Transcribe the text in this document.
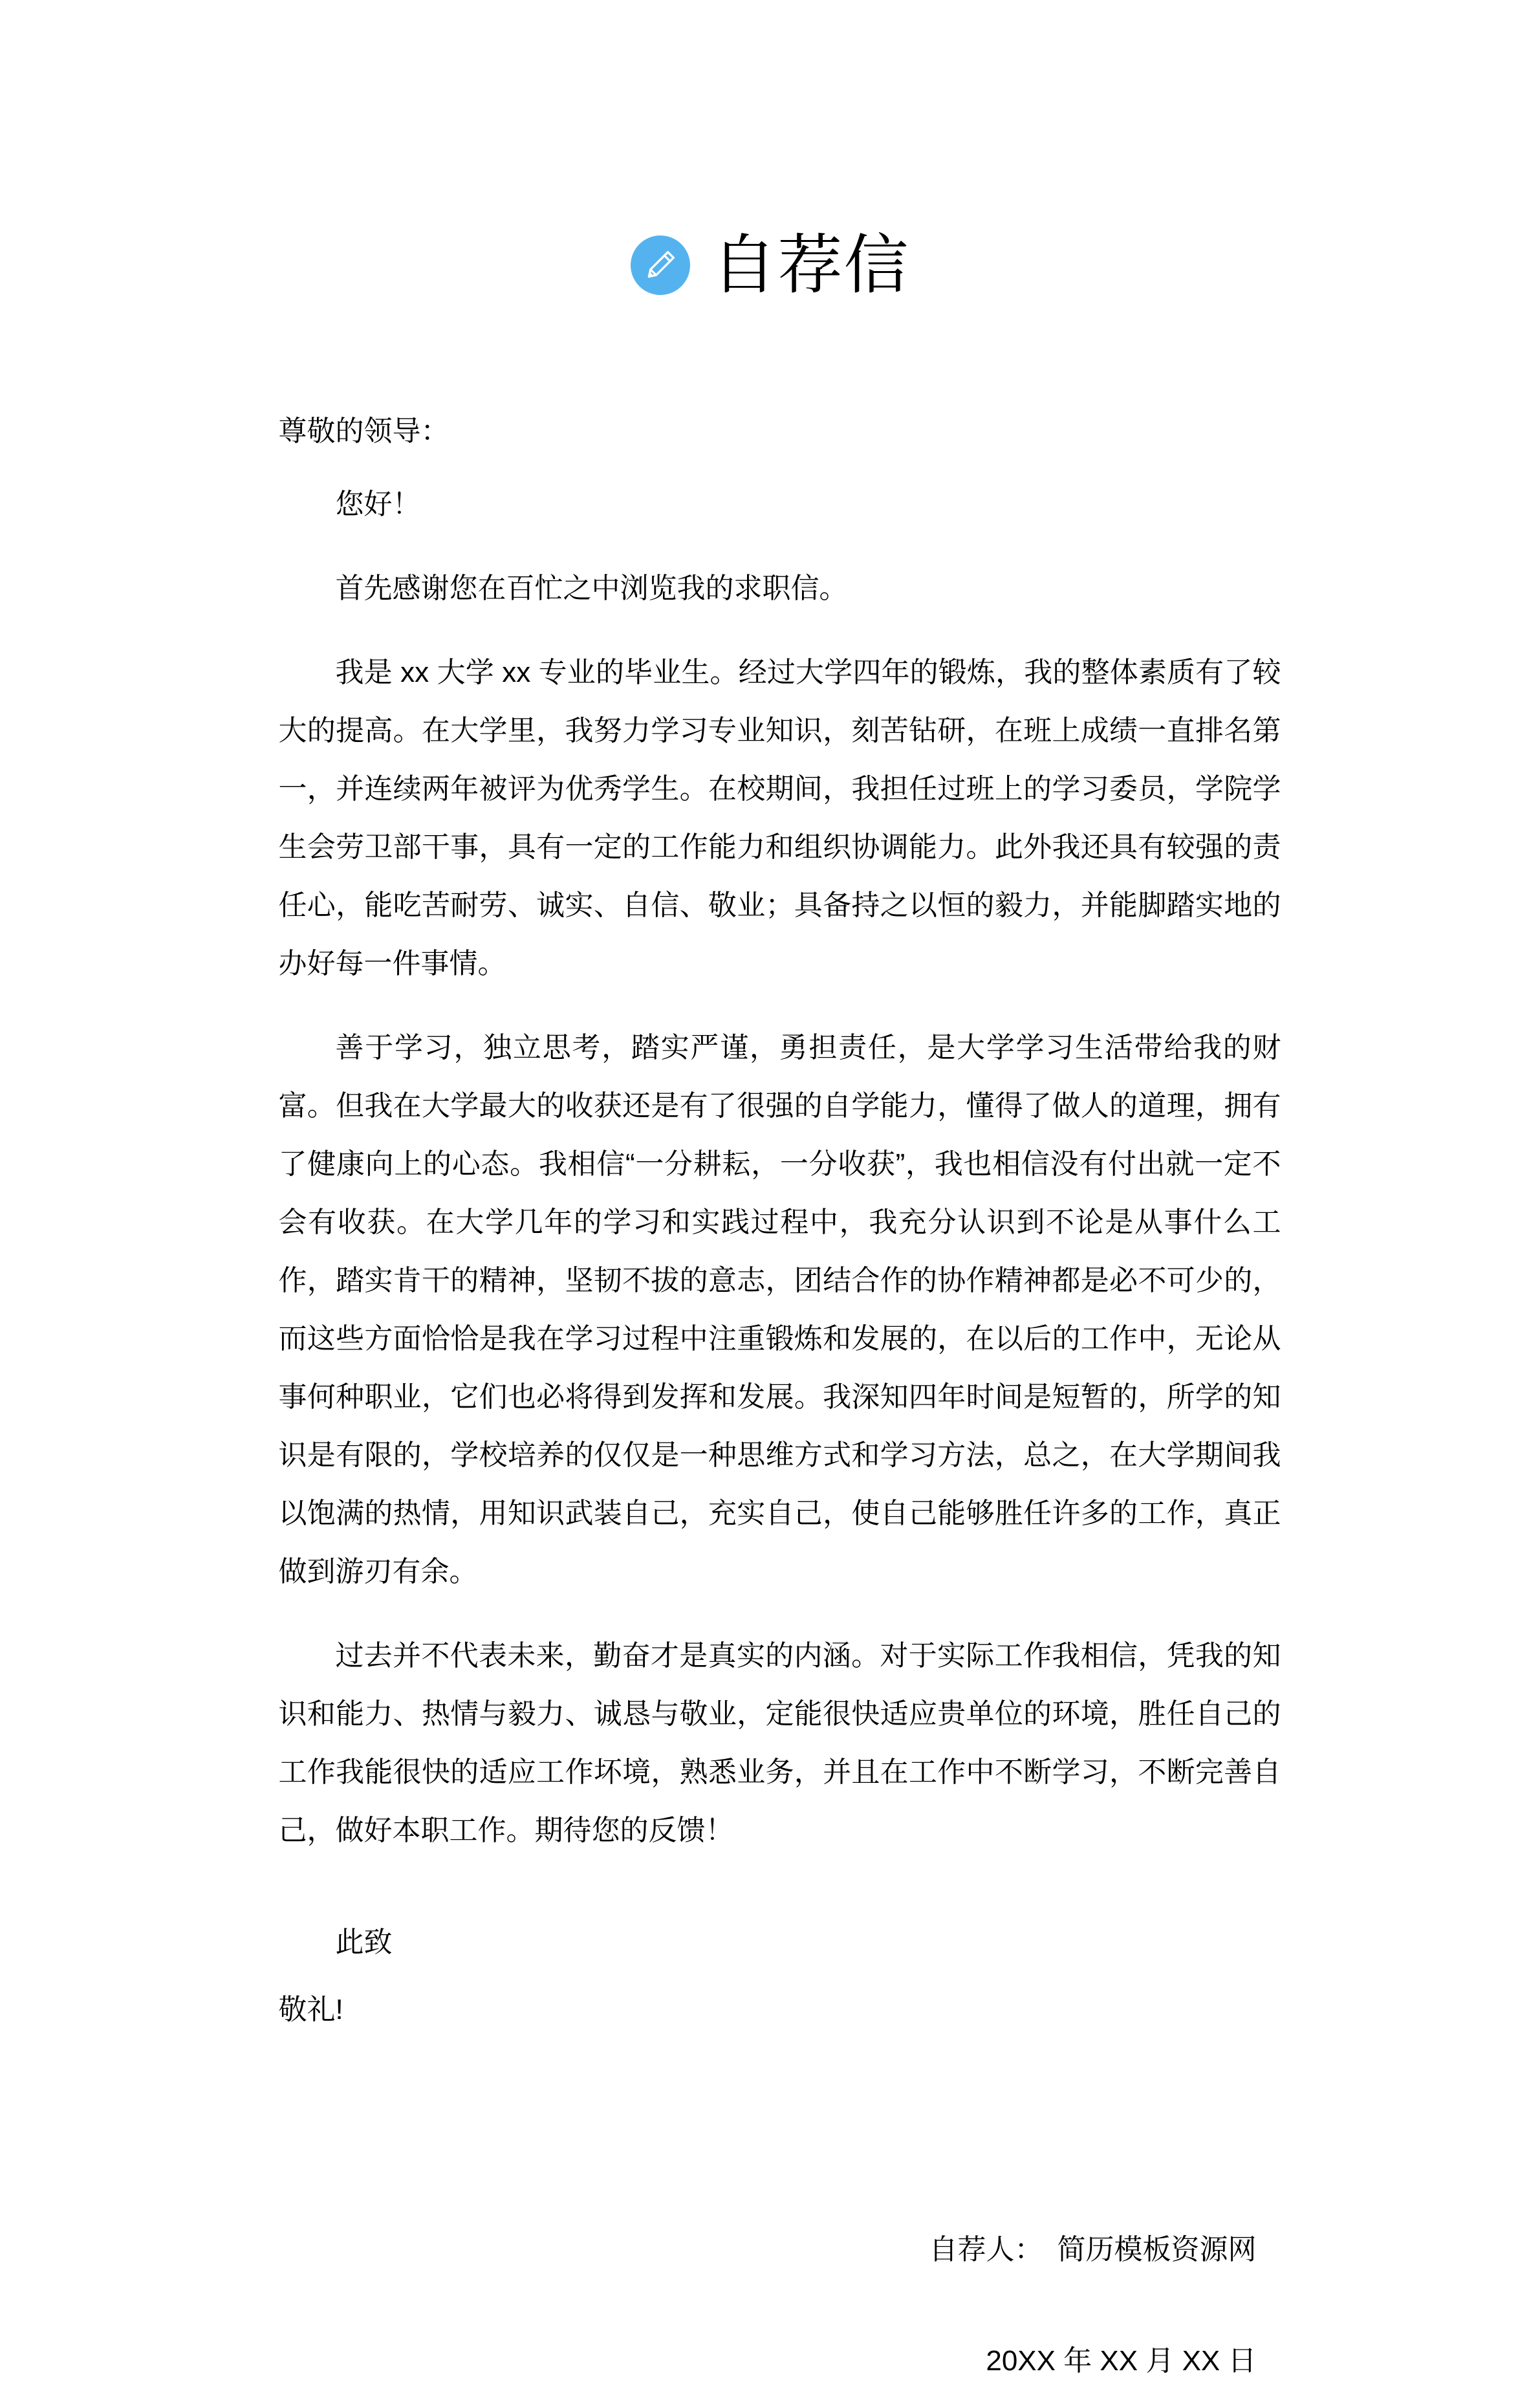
自荐信

尊敬的领导：

您好！

首先感谢您在百忙之中浏览我的求职信。

我是 xx 大学 xx 专业的毕业生。经过大学四年的锻炼，我的整体素质有了较大的提高。在大学里，我努力学习专业知识，刻苦钻研，在班上成绩一直排名第一，并连续两年被评为优秀学生。在校期间，我担任过班上的学习委员，学院学生会劳卫部干事，具有一定的工作能力和组织协调能力。此外我还具有较强的责任心，能吃苦耐劳、诚实、自信、敬业；具备持之以恒的毅力，并能脚踏实地的办好每一件事情。

善于学习，独立思考，踏实严谨，勇担责任，是大学学习生活带给我的财富。但我在大学最大的收获还是有了很强的自学能力，懂得了做人的道理，拥有了健康向上的心态。我相信“一分耕耘，一分收获”，我也相信没有付出就一定不会有收获。在大学几年的学习和实践过程中，我充分认识到不论是从事什么工作，踏实肯干的精神，坚韧不拔的意志，团结合作的协作精神都是必不可少的，而这些方面恰恰是我在学习过程中注重锻炼和发展的，在以后的工作中，无论从事何种职业，它们也必将得到发挥和发展。我深知四年时间是短暂的，所学的知识是有限的，学校培养的仅仅是一种思维方式和学习方法，总之，在大学期间我以饱满的热情，用知识武装自己，充实自己，使自己能够胜任许多的工作，真正做到游刃有余。

过去并不代表未来，勤奋才是真实的内涵。对于实际工作我相信，凭我的知识和能力、热情与毅力、诚恳与敬业，定能很快适应贵单位的环境，胜任自己的工作我能很快的适应工作坏境，熟悉业务，并且在工作中不断学习，不断完善自己，做好本职工作。期待您的反馈！

此致

敬礼!

自荐人：　 简历模板资源网

20XX 年 XX 月 XX 日
